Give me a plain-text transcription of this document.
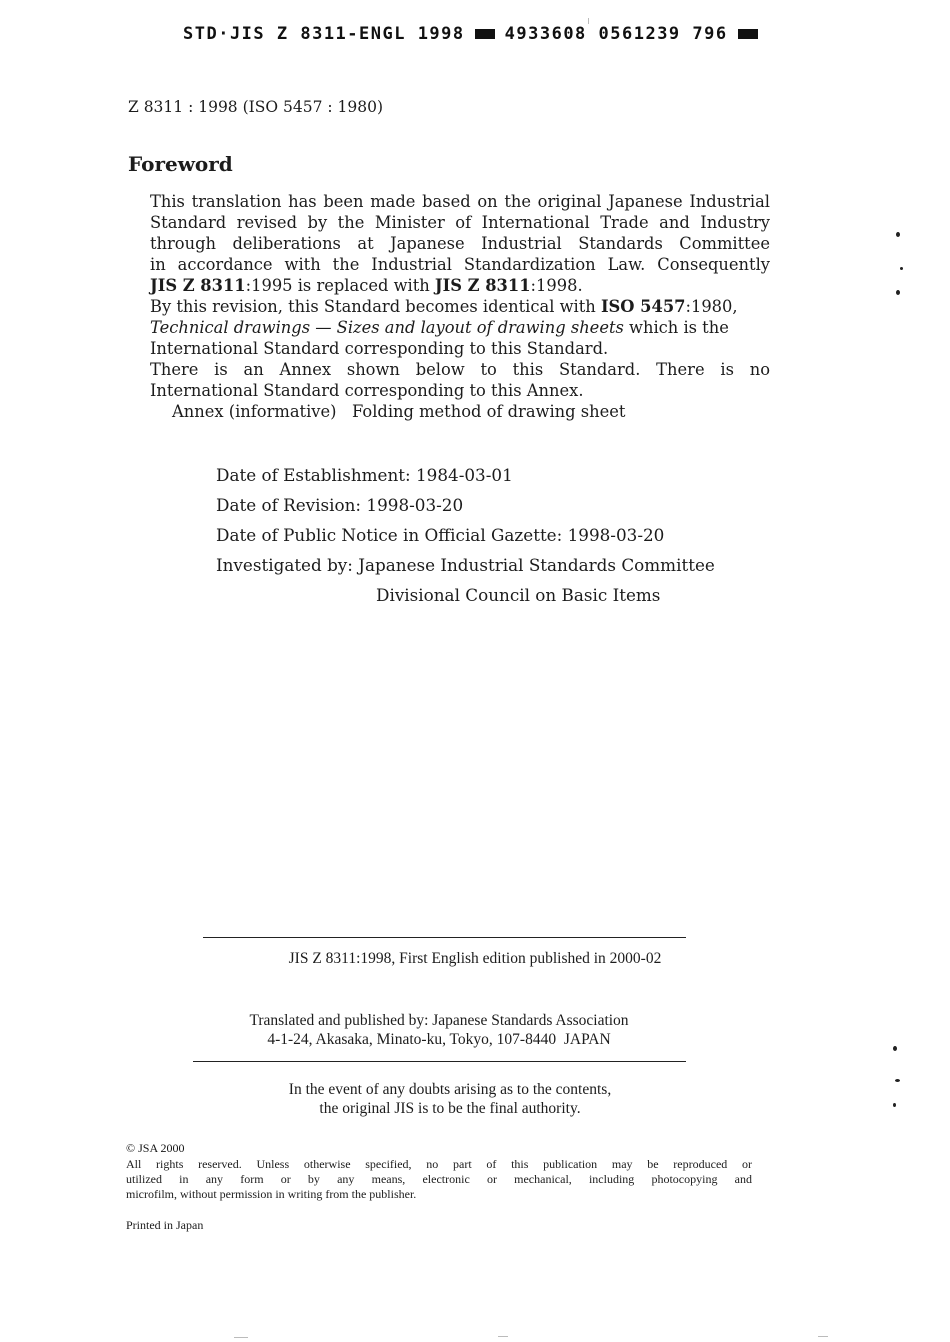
STD·JIS Z 8311-ENGL 1998 4933608 0561239 796
Z 8311 : 1998 (ISO 5457 : 1980)
Foreword
This translation has been made based on the original Japanese Industrial
Standard revised by the Minister of International Trade and Industry
through deliberations at Japanese Industrial Standards Committee
in accordance with the Industrial Standardization Law. Consequently
JIS Z 8311:1995 is replaced with JIS Z 8311:1998.
By this revision, this Standard becomes identical with ISO 5457:1980,
Technical drawings — Sizes and layout of drawing sheets which is the
International Standard corresponding to this Standard.
There is an Annex shown below to this Standard. There is no
International Standard corresponding to this Annex.
Annex (informative)   Folding method of drawing sheet
Date of Establishment: 1984-03-01
Date of Revision: 1998-03-20
Date of Public Notice in Official Gazette: 1998-03-20
Investigated by: Japanese Industrial Standards Committee
Divisional Council on Basic Items
JIS Z 8311:1998, First English edition published in 2000-02
Translated and published by: Japanese Standards Association
4-1-24, Akasaka, Minato-ku, Tokyo, 107-8440  JAPAN
In the event of any doubts arising as to the contents,
the original JIS is to be the final authority.
© JSA 2000
All rights reserved. Unless otherwise specified, no part of this publication may be reproduced or
utilized in any form or by any means, electronic or mechanical, including photocopying and
microfilm, without permission in writing from the publisher.
Printed in Japan
